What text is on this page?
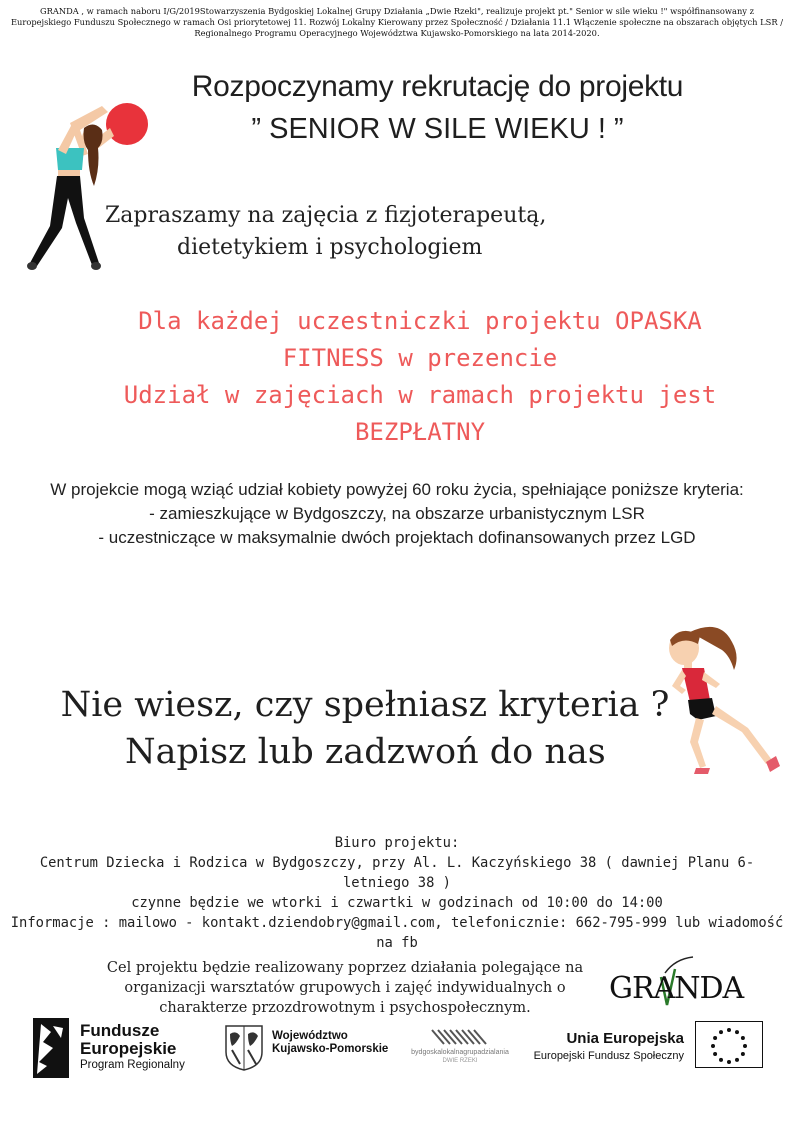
GRANDA , w ramach naboru I/G/2019Stowarzyszenia Bydgoskiej Lokalnej Grupy Działania „Dwie Rzeki", realizuje projekt pt." Senior w sile wieku !" współfinansowany z Europejskiego Funduszu Społecznego w ramach Osi priorytetowej 11. Rozwój Lokalny Kierowany przez Społeczność / Działania 11.1 Włączenie społeczne na obszarach objętych LSR / Regionalnego Programu Operacyjnego Województwa Kujawsko-Pomorskiego na lata 2014-2020.
Rozpoczynamy rekrutację do projektu
” SENIOR W SILE WIEKU ! ”
Zapraszamy na zajęcia z fizjoterapeutą,
dietetykiem i psychologiem
Dla każdej uczestniczki projektu OPASKA
FITNESS w prezencie
Udział w zajęciach w ramach projektu jest
BEZPŁATNY
W projekcie mogą wziąć udział kobiety powyżej 60 roku życia, spełniające poniższe kryteria:
- zamieszkujące w Bydgoszczy, na obszarze urbanistycznym LSR
- uczestniczące w maksymalnie dwóch projektach dofinansowanych przez LGD
Nie wiesz, czy spełniasz kryteria ?
Napisz lub zadzwoń do nas
Biuro projektu:
Centrum Dziecka i Rodzica w Bydgoszczy, przy Al. L. Kaczyńskiego 38 ( dawniej Planu 6-letniego 38 )
czynne będzie we wtorki i czwartki w godzinach od 10:00 do 14:00
Informacje : mailowo - kontakt.dziendobry@gmail.com, telefonicznie: 662-795-999 lub wiadomość na fb
Cel projektu będzie realizowany poprzez działania polegające na
organizacji warsztatów grupowych i zajęć indywidualnych o
charakterze przozdrowotnym i psychospołecznym.
GRANDA
Fundusze
Europejskie
Program Regionalny
Województwo
Kujawsko-Pomorskie	bydgoskalokalnagrupadzialania
DWIE RZEKI
Unia Europejska
Europejski Fundusz Społeczny
